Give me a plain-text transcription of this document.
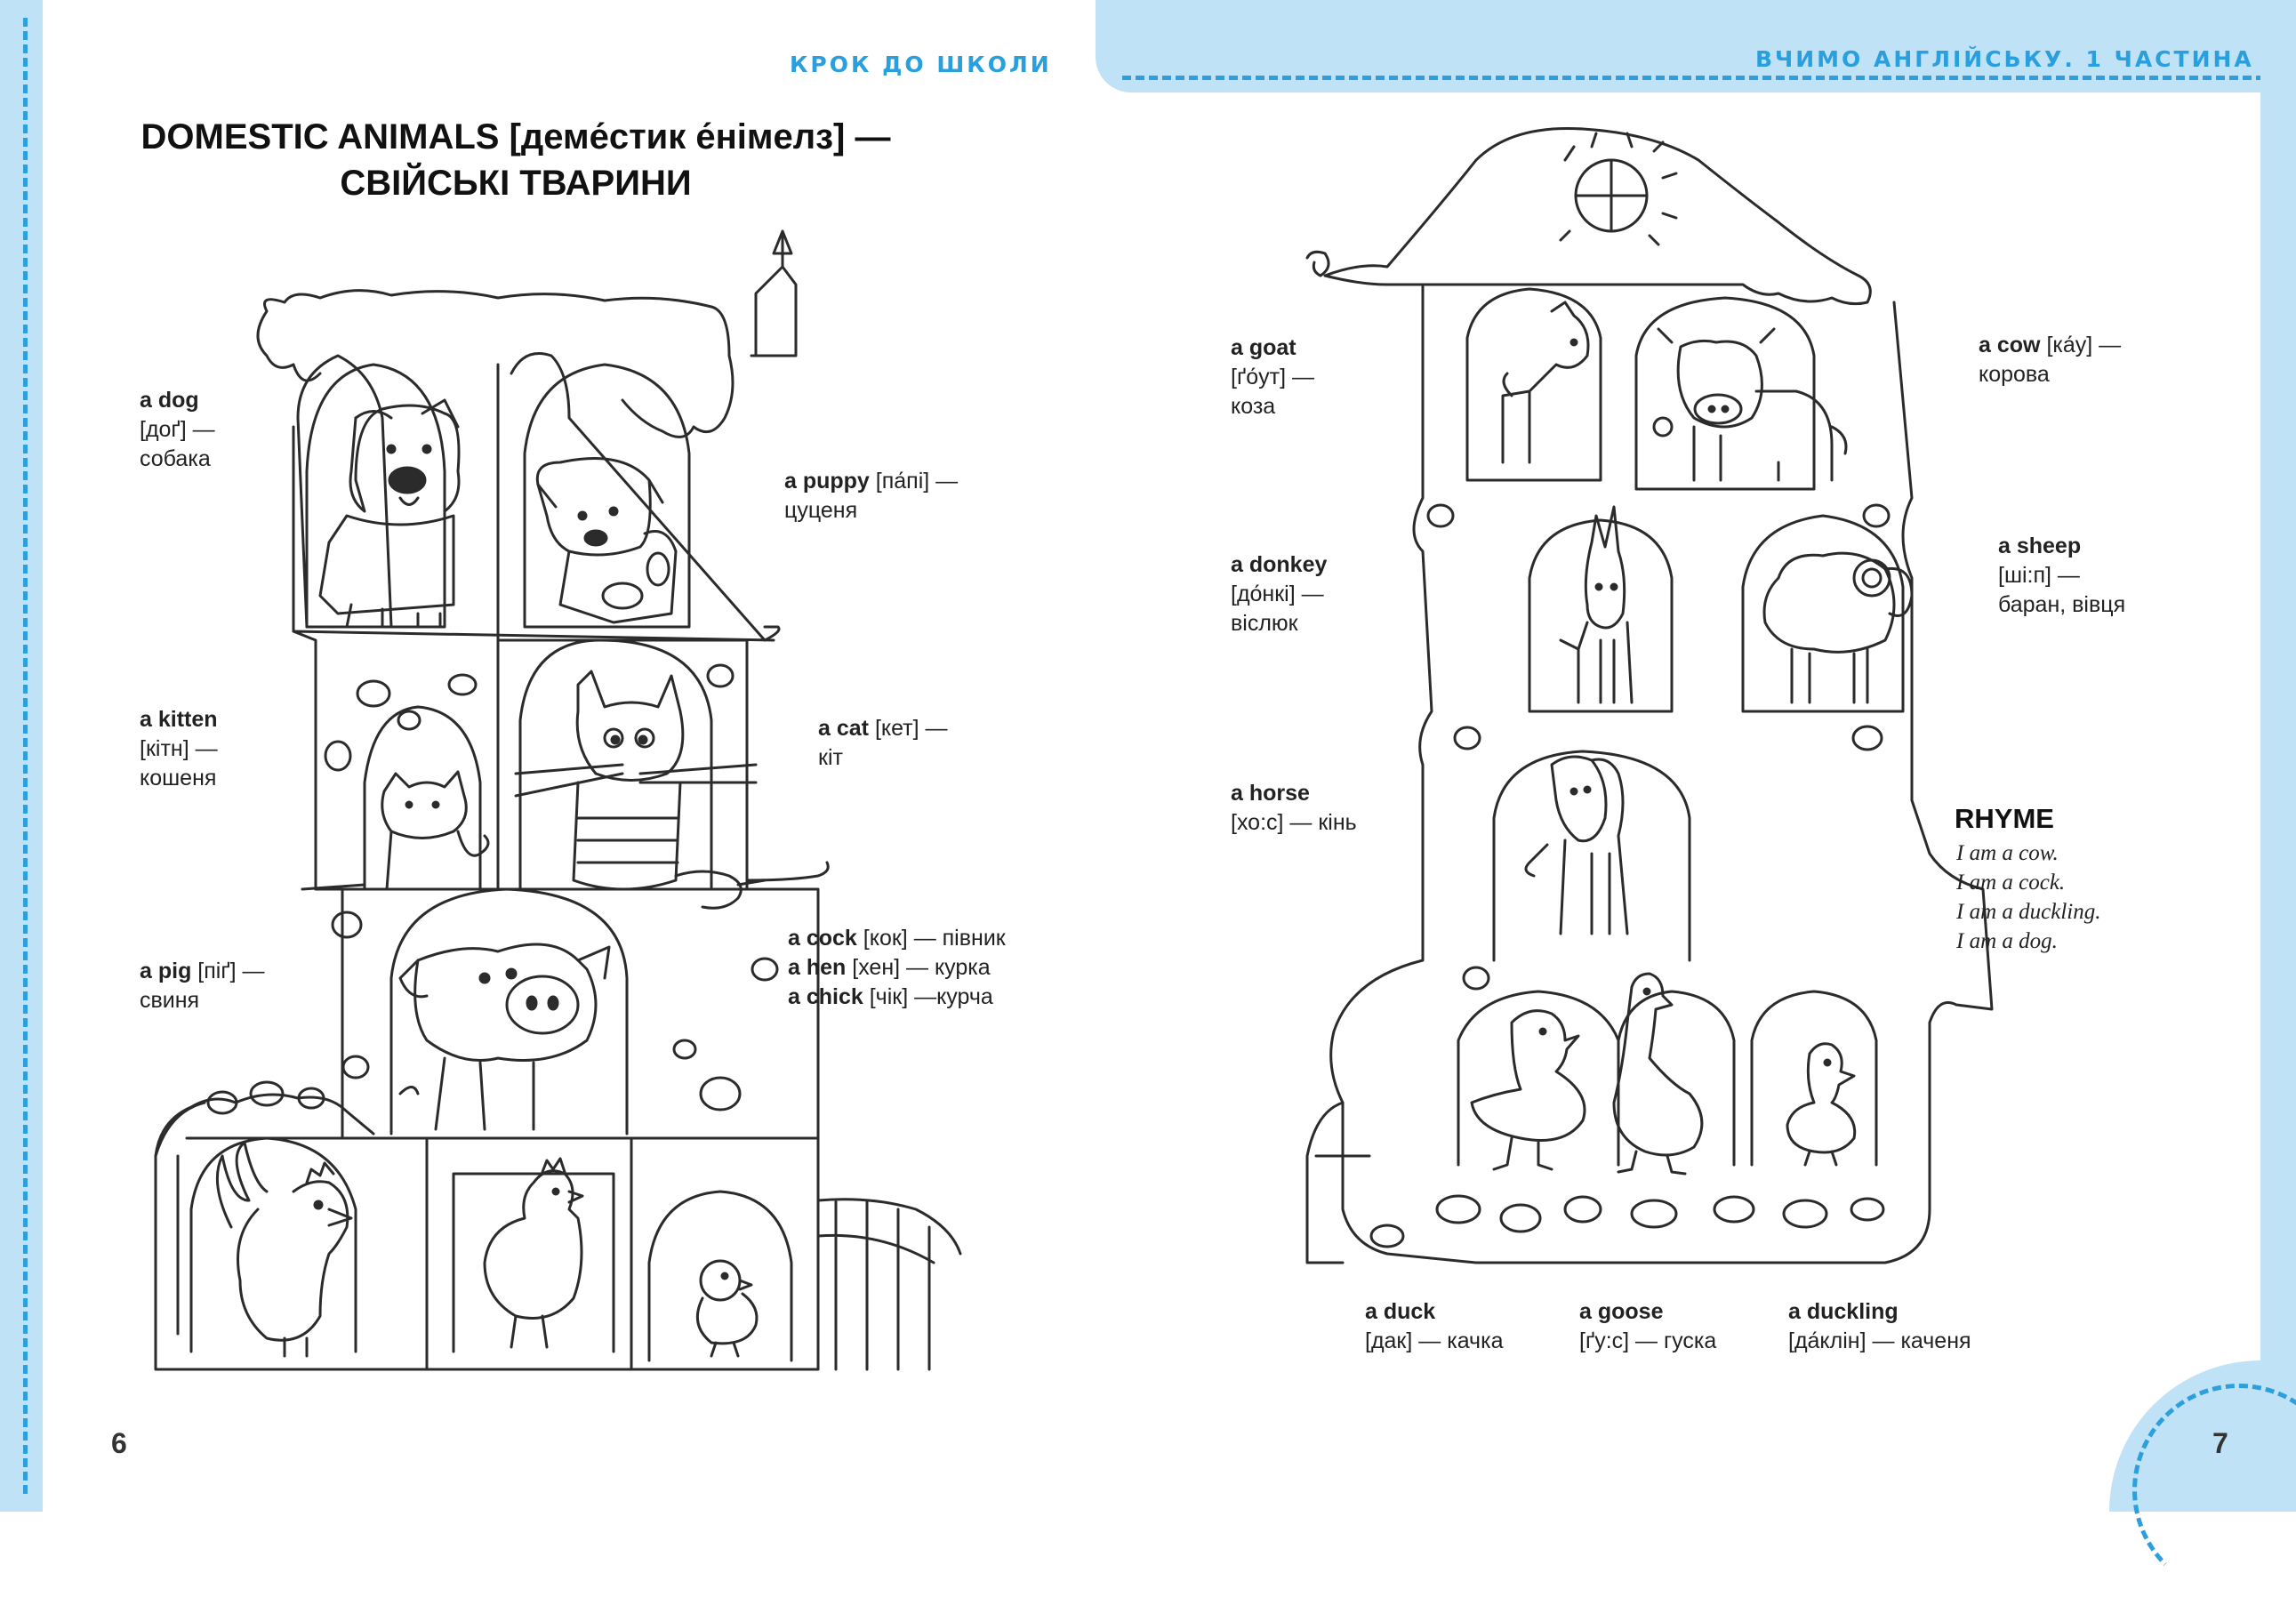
КРОК ДО ШКОЛИ	ВЧИМО АНГЛІЙСЬКУ. 1 ЧАСТИНА
DOMESTIC ANIMALS [деме́стик е́німелз] —
СВІЙСЬКІ ТВАРИНИ
a dog
[доґ] —
собака
a puppy [па́пі] —
цуценя
a kitten
[кітн] —
кошеня
a cat [кет] —
кіт
a pig [піґ] —
свиня
a cock [кок] — півник
a hen [хен] — курка
a chick [чік] —курча
a goat
[ґо́ут] —
коза
a cow [ка́у] —
корова
a donkey
[до́нкі] —
віслюк
a sheep
[ші:п] —
баран, вівця
a horse
[хо:с] — кінь
a duck
[дак] — качка
a goose
[ґу:с] — гуска
a duckling
[да́клін] — каченя
RHYME
I am a cow.
I am a cock.
I am a duckling.
I am a dog.
6	7
